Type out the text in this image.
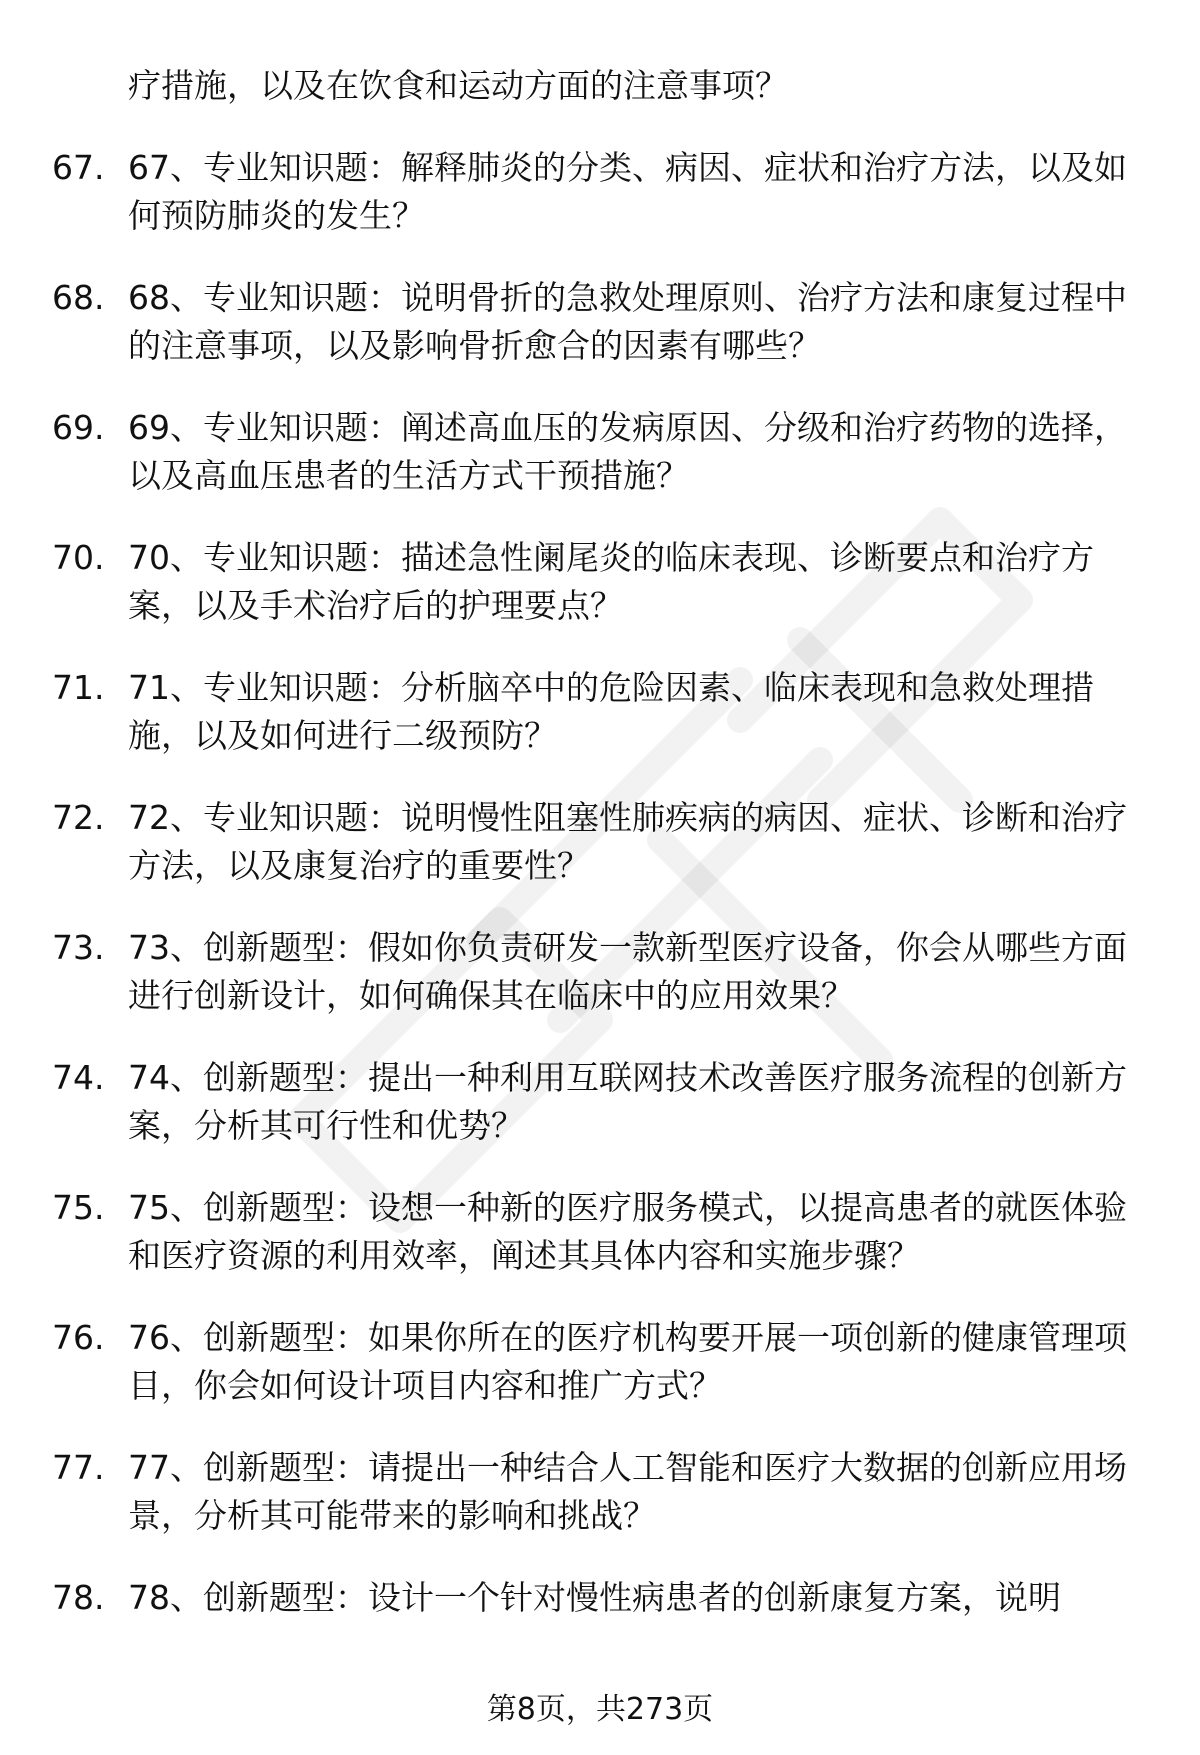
疗措施，以及在饮食和运动方面的注意事项？
67. 67、专业知识题：解释肺炎的分类、病因、症状和治疗方法，以及如何预防肺炎的发生？
68. 68、专业知识题：说明骨折的急救处理原则、治疗方法和康复过程中的注意事项，以及影响骨折愈合的因素有哪些？
69. 69、专业知识题：阐述高血压的发病原因、分级和治疗药物的选择，以及高血压患者的生活方式干预措施？
70. 70、专业知识题：描述急性阑尾炎的临床表现、诊断要点和治疗方案，以及手术治疗后的护理要点？
71. 71、专业知识题：分析脑卒中的危险因素、临床表现和急救处理措施，以及如何进行二级预防？
72. 72、专业知识题：说明慢性阻塞性肺疾病的病因、症状、诊断和治疗方法，以及康复治疗的重要性？
73. 73、创新题型：假如你负责研发一款新型医疗设备，你会从哪些方面进行创新设计，如何确保其在临床中的应用效果？
74. 74、创新题型：提出一种利用互联网技术改善医疗服务流程的创新方案，分析其可行性和优势？
75. 75、创新题型：设想一种新的医疗服务模式，以提高患者的就医体验和医疗资源的利用效率，阐述其具体内容和实施步骤？
76. 76、创新题型：如果你所在的医疗机构要开展一项创新的健康管理项目，你会如何设计项目内容和推广方式？
77. 77、创新题型：请提出一种结合人工智能和医疗大数据的创新应用场景，分析其可能带来的影响和挑战？
78. 78、创新题型：设计一个针对慢性病患者的创新康复方案，说明
第8页，共273页
